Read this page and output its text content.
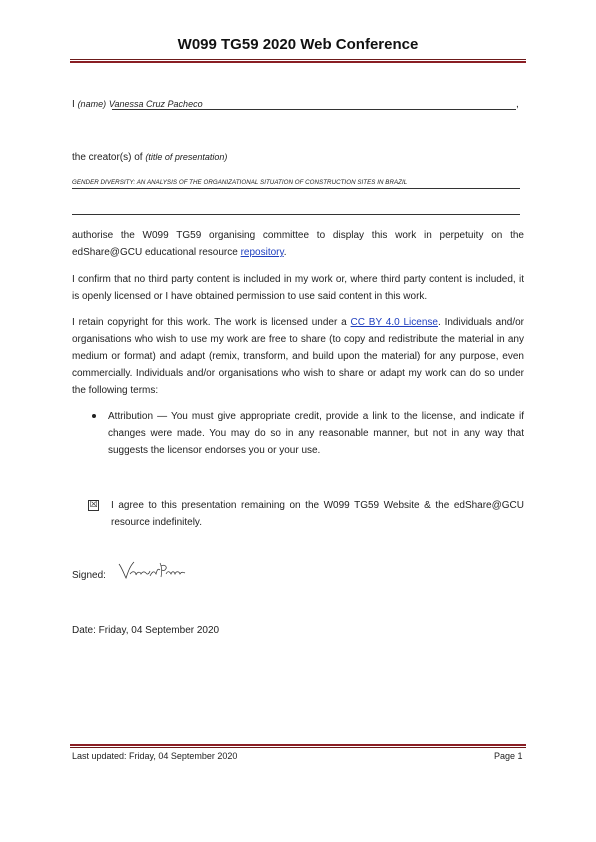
W099 TG59 2020 Web Conference
I (name) Vanessa Cruz Pacheco	,
the creator(s) of (title of presentation)
GENDER DIVERSITY: AN ANALYSIS OF THE ORGANIZATIONAL SITUATION OF CONSTRUCTION SITES IN BRAZIL
authorise the W099 TG59 organising committee to display this work in perpetuity on the edShare@GCU educational resource repository.
I confirm that no third party content is included in my work or, where third party content is included, it is openly licensed or I have obtained permission to use said content in this work.
I retain copyright for this work. The work is licensed under a CC BY 4.0 License. Individuals and/or organisations who wish to use my work are free to share (to copy and redistribute the material in any medium or format) and adapt (remix, transform, and build upon the material) for any purpose, even commercially. Individuals and/or organisations who wish to share or adapt my work can do so under the following terms:
Attribution — You must give appropriate credit, provide a link to the license, and indicate if changes were made. You may do so in any reasonable manner, but not in any way that suggests the licensor endorses you or your use.
☒ I agree to this presentation remaining on the W099 TG59 Website & the edShare@GCU resource indefinitely.
Signed:
Date: Friday, 04 September 2020
Last updated: Friday, 04 September 2020	Page 1
